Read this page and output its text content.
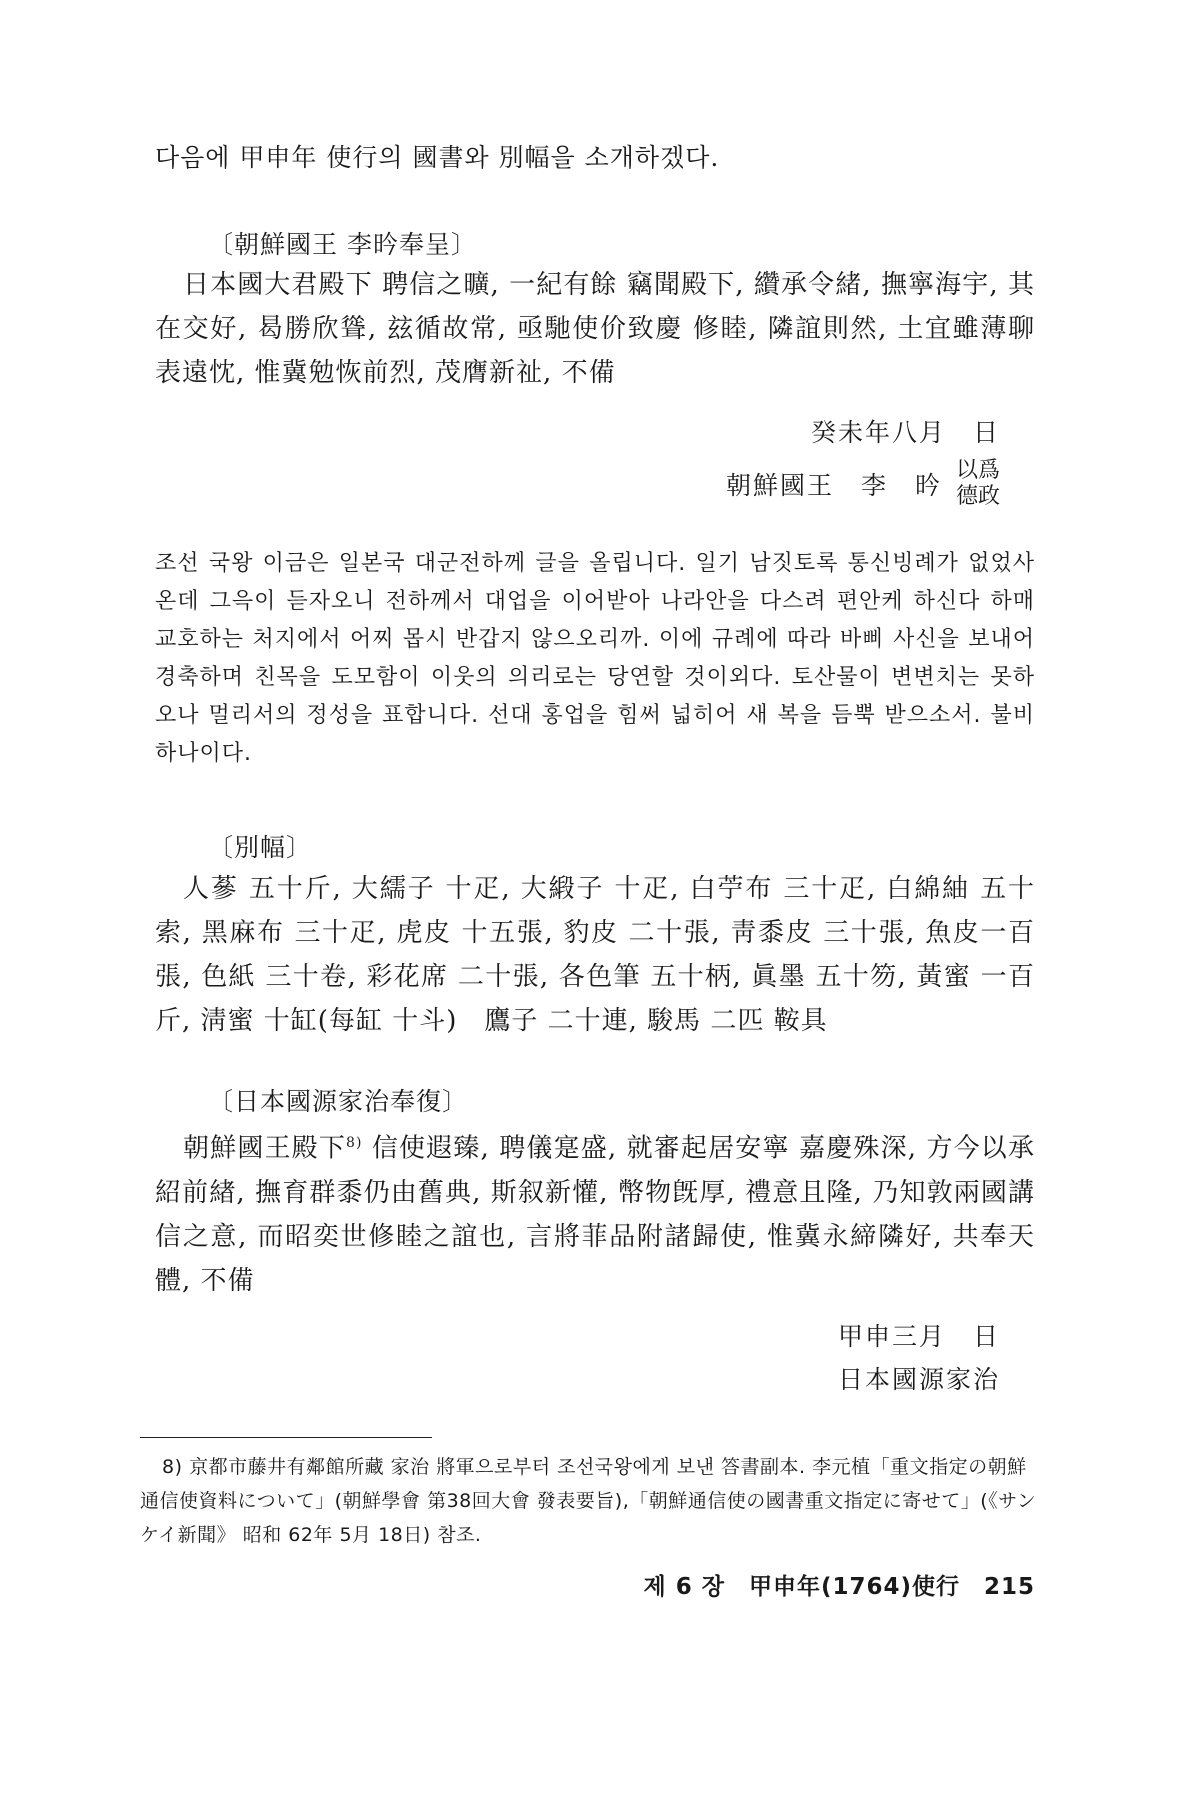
다음에 甲申年 使行의 國書와 別幅을 소개하겠다.

〔朝鮮國王 李昑奉呈〕

日本國大君殿下 聘信之曠, 一紀有餘 竊聞殿下, 纘承令緒, 撫寧海宇, 其在交好, 曷勝欣聳, 玆循故常, 亟馳使价致慶 修睦, 隣誼則然, 土宜雖薄聊表遠忱, 惟冀勉恢前烈, 茂膺新祉, 不備

癸未年八月　日
朝鮮國王　李　昑
以爲
德政

조선 국왕 이금은 일본국 대군전하께 글을 올립니다. 일기 남짓토록 통신빙례가 없었사온데 그윽이 듣자오니 전하께서 대업을 이어받아 나라안을 다스려 편안케 하신다 하매 교호하는 처지에서 어찌 몹시 반갑지 않으오리까. 이에 규례에 따라 바삐 사신을 보내어 경축하며 친목을 도모함이 이웃의 의리로는 당연할 것이외다. 토산물이 변변치는 못하오나 멀리서의 정성을 표합니다. 선대 홍업을 힘써 넓히어 새 복을 듬뿍 받으소서. 불비하나이다.

〔別幅〕

人蔘 五十斤, 大繻子 十疋, 大緞子 十疋, 白苧布 三十疋, 白綿紬 五十索, 黑麻布 三十疋, 虎皮 十五張, 豹皮 二十張, 靑黍皮 三十張, 魚皮一百張, 色紙 三十卷, 彩花席 二十張, 各色筆 五十柄, 眞墨 五十笏, 黃蜜 一百斤, 淸蜜 十缸(每缸 十斗)　鷹子 二十連, 駿馬 二匹 鞍具

〔日本國源家治奉復〕

朝鮮國王殿下$^{8)}$ 信使遐臻, 聘儀寔盛, 就審起居安寧 嘉慶殊深, 方今以承紹前緖, 撫育群黍仍由舊典, 斯叙新懽, 幣物旣厚, 禮意且隆, 乃知敦兩國講信之意, 而昭奕世修睦之誼也, 言將菲品附諸歸使, 惟冀永締隣好, 共奉天體, 不備

甲申三月　日
日本國源家治

8) 京都市藤井有鄰館所藏 家治 將軍으로부터 조선국왕에게 보낸 答書副本. 李元植「重文指定の朝鮮通信使資料について」(朝鮮學會 第38回大會 發表要旨),「朝鮮通信使の國書重文指定に寄せて」(《サンケイ新聞》 昭和 62年 5月 18日) 참조.

제 6 장　甲申年(1764)使行　215
